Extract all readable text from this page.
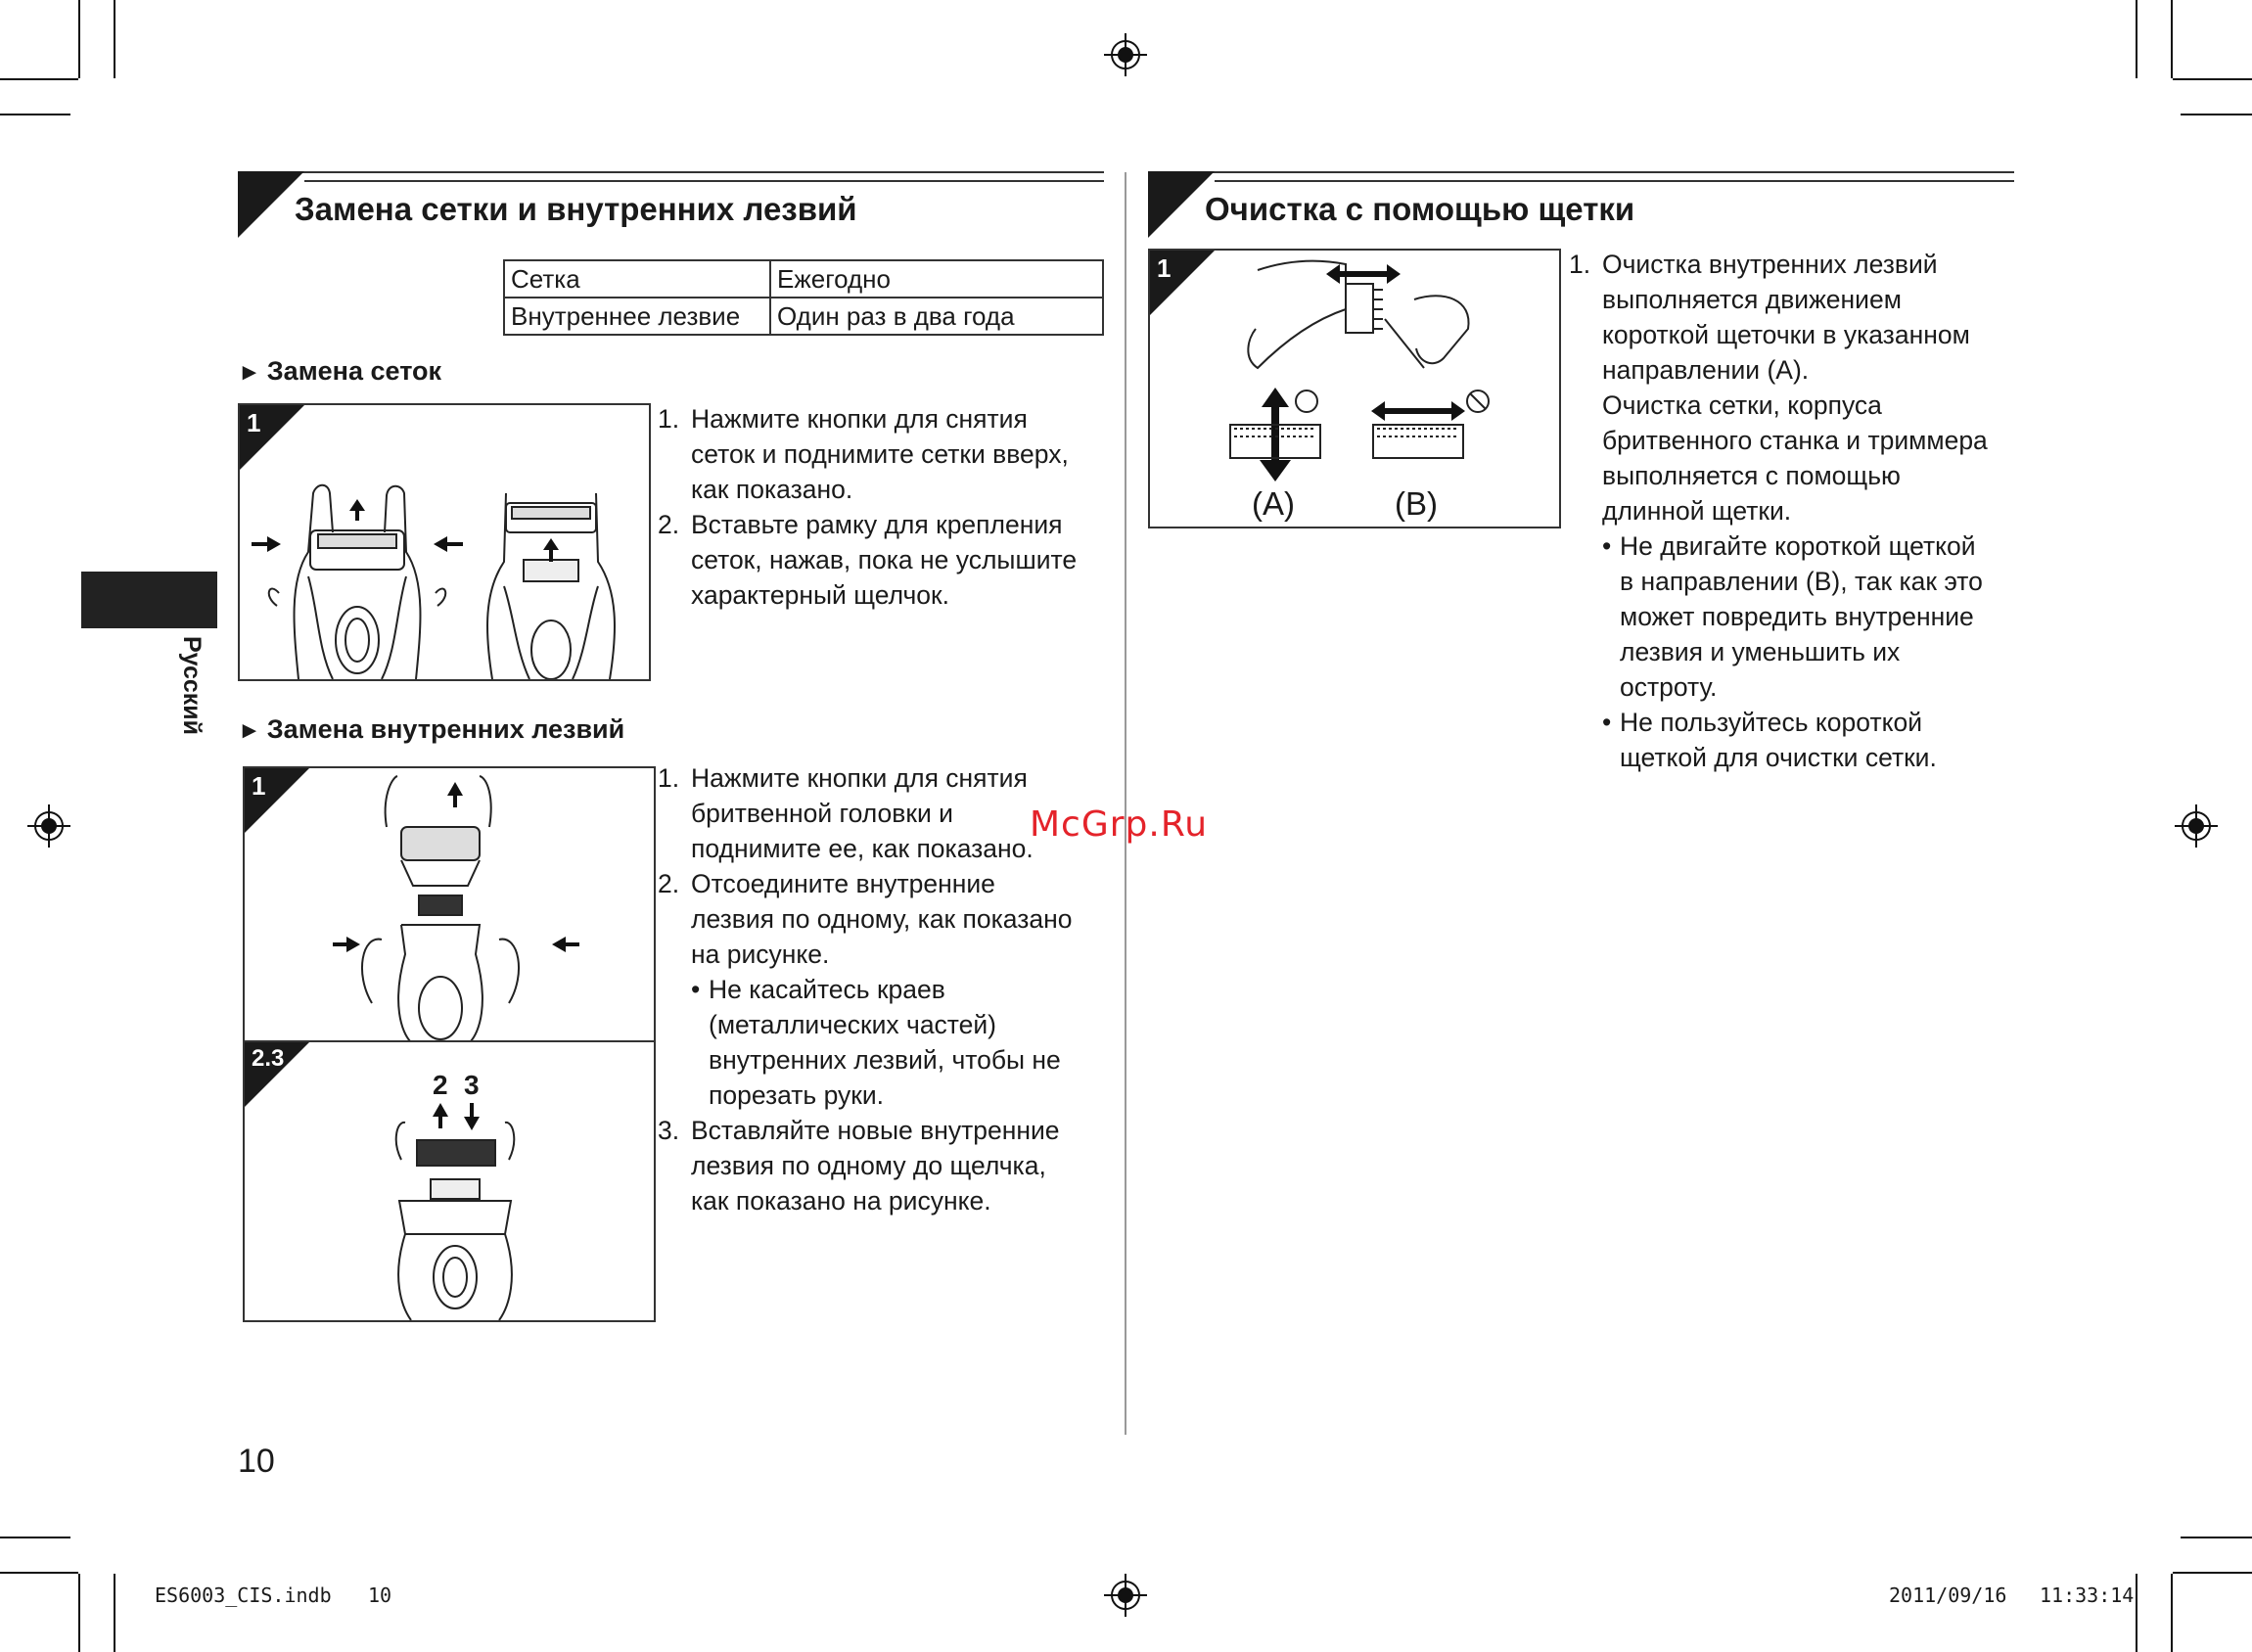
Русский
Замена сетки и внутренних лезвий
Сетка	Ежегодно
Внутреннее лезвие	Один раз в два года
► Замена сеток
1	1. Нажмите кнопки для снятия
сеток и поднимите сетки вверх,
как показано.
2. Вставьте рамку для крепления
сеток, нажав, пока не услышите
характерный щелчок.
► Замена внутренних лезвий
1
2.3
2 3
1. Нажмите кнопки для снятия
бритвенной головки и
поднимите ее, как показано.
2. Отсоедините внутренние
лезвия по одному, как показано
на рисунке.
• Не касайтесь краев
(металлических частей)
внутренних лезвий, чтобы не
порезать руки.
3. Вставляйте новые внутренние
лезвия по одному до щелчка,
как показано на рисунке.
Очистка с помощью щетки
1
(A)	(B)
1. Очистка внутренних лезвий
выполняется движением
короткой щеточки в указанном
направлении (A).
Очистка сетки, корпуса
бритвенного станка и триммера
выполняется с помощью
длинной щетки.
• Не двигайте короткой щеткой
в направлении (B), так как это
может повредить внутренние
лезвия и уменьшить их
остроту.
• Не пользуйтесь короткой
щеткой для очистки сетки.
McGrp.Ru
10
ES6003_CIS.indb 10	2011/09/16 11:33:14
